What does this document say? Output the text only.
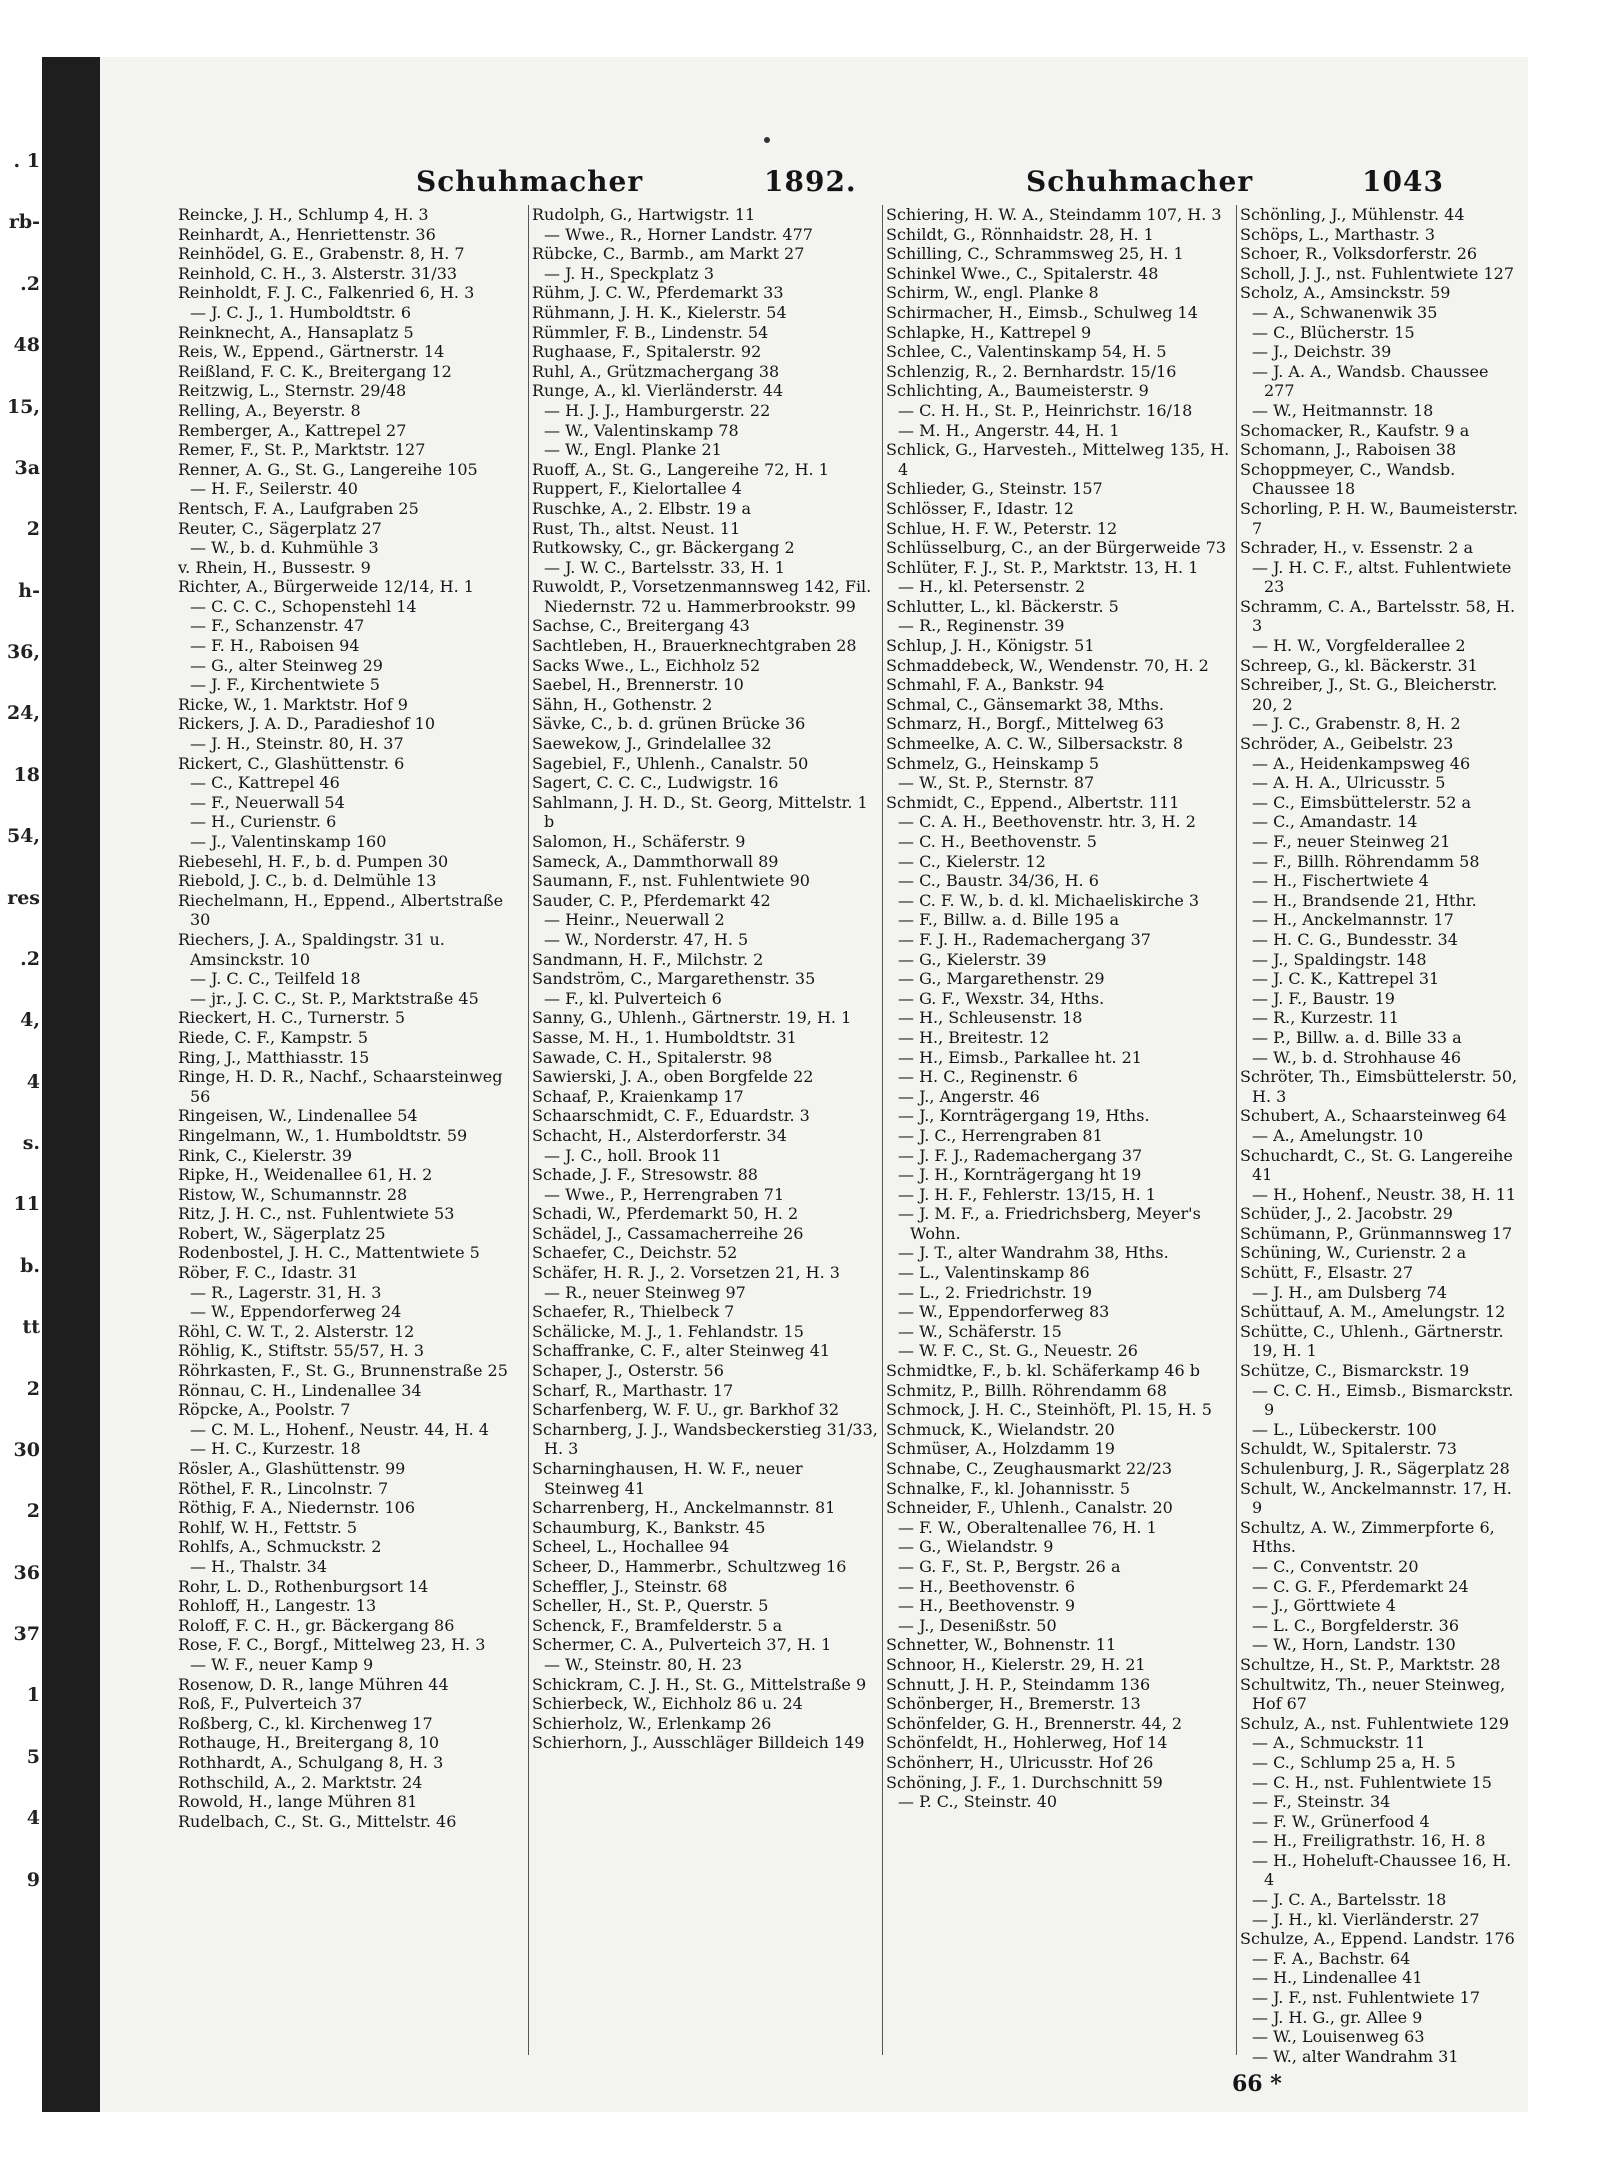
. 1
rb-
.2
48
15,
3a
2
h-
36,
24,
18
54,
res
.2
4,
4
s.
11
b.
tt
2
30
2
36
37
1
5
4
9
Schuhmacher	1892.	Schuhmacher	1043

Reincke, J. H., Schlump 4, H. 3

Reinhardt, A., Henriettenstr. 36

Reinhödel, G. E., Grabenstr. 8, H. 7

Reinhold, C. H., 3. Alsterstr. 31/33

Reinholdt, F. J. C., Falkenried 6, H. 3

— J. C. J., 1. Humboldtstr. 6

Reinknecht, A., Hansaplatz 5

Reis, W., Eppend., Gärtnerstr. 14

Reißland, F. C. K., Breitergang 12

Reitzwig, L., Sternstr. 29/48

Relling, A., Beyerstr. 8

Remberger, A., Kattrepel 27

Remer, F., St. P., Marktstr. 127

Renner, A. G., St. G., Langereihe 105

— H. F., Seilerstr. 40

Rentsch, F. A., Laufgraben 25

Reuter, C., Sägerplatz 27

— W., b. d. Kuhmühle 3

v. Rhein, H., Bussestr. 9

Richter, A., Bürgerweide 12/14, H. 1

— C. C. C., Schopenstehl 14

— F., Schanzenstr. 47

— F. H., Raboisen 94

— G., alter Steinweg 29

— J. F., Kirchentwiete 5

Ricke, W., 1. Marktstr. Hof 9

Rickers, J. A. D., Paradieshof 10

— J. H., Steinstr. 80, H. 37

Rickert, C., Glashüttenstr. 6

— C., Kattrepel 46

— F., Neuerwall 54

— H., Curienstr. 6

— J., Valentinskamp 160

Riebesehl, H. F., b. d. Pumpen 30

Riebold, J. C., b. d. Delmühle 13

Riechelmann, H., Eppend., Albertstraße 30

Riechers, J. A., Spaldingstr. 31 u. Amsinckstr. 10

— J. C. C., Teilfeld 18

— jr., J. C. C., St. P., Marktstraße 45

Rieckert, H. C., Turnerstr. 5

Riede, C. F., Kampstr. 5

Ring, J., Matthiasstr. 15

Ringe, H. D. R., Nachf., Schaarsteinweg 56

Ringeisen, W., Lindenallee 54

Ringelmann, W., 1. Humboldtstr. 59

Rink, C., Kielerstr. 39

Ripke, H., Weidenallee 61, H. 2

Ristow, W., Schumannstr. 28

Ritz, J. H. C., nst. Fuhlentwiete 53

Robert, W., Sägerplatz 25

Rodenbostel, J. H. C., Mattentwiete 5

Röber, F. C., Idastr. 31

— R., Lagerstr. 31, H. 3

— W., Eppendorferweg 24

Röhl, C. W. T., 2. Alsterstr. 12

Röhlig, K., Stiftstr. 55/57, H. 3

Röhrkasten, F., St. G., Brunnenstraße 25

Rönnau, C. H., Lindenallee 34

Röpcke, A., Poolstr. 7

— C. M. L., Hohenf., Neustr. 44, H. 4

— H. C., Kurzestr. 18

Rösler, A., Glashüttenstr. 99

Röthel, F. R., Lincolnstr. 7

Röthig, F. A., Niedernstr. 106

Rohlf, W. H., Fettstr. 5

Rohlfs, A., Schmuckstr. 2

— H., Thalstr. 34

Rohr, L. D., Rothenburgsort 14

Rohloff, H., Langestr. 13

Roloff, F. C. H., gr. Bäckergang 86

Rose, F. C., Borgf., Mittelweg 23, H. 3

— W. F., neuer Kamp 9

Rosenow, D. R., lange Mühren 44

Roß, F., Pulverteich 37

Roßberg, C., kl. Kirchenweg 17

Rothauge, H., Breitergang 8, 10

Rothhardt, A., Schulgang 8, H. 3

Rothschild, A., 2. Marktstr. 24

Rowold, H., lange Mühren 81

Rudelbach, C., St. G., Mittelstr. 46

Rudolph, G., Hartwigstr. 11

— Wwe., R., Horner Landstr. 477

Rübcke, C., Barmb., am Markt 27

— J. H., Speckplatz 3

Rühm, J. C. W., Pferdemarkt 33

Rühmann, J. H. K., Kielerstr. 54

Rümmler, F. B., Lindenstr. 54

Rughaase, F., Spitalerstr. 92

Ruhl, A., Grützmachergang 38

Runge, A., kl. Vierländerstr. 44

— H. J. J., Hamburgerstr. 22

— W., Valentinskamp 78

— W., Engl. Planke 21

Ruoff, A., St. G., Langereihe 72, H. 1

Ruppert, F., Kielortallee 4

Ruschke, A., 2. Elbstr. 19 a

Rust, Th., altst. Neust. 11

Rutkowsky, C., gr. Bäckergang 2

— J. W. C., Bartelsstr. 33, H. 1

Ruwoldt, P., Vorsetzenmannsweg 142, Fil. Niedernstr. 72 u. Hammerbrookstr. 99

Sachse, C., Breitergang 43

Sachtleben, H., Brauerknechtgraben 28

Sacks Wwe., L., Eichholz 52

Saebel, H., Brennerstr. 10

Sähn, H., Gothenstr. 2

Sävke, C., b. d. grünen Brücke 36

Saewekow, J., Grindelallee 32

Sagebiel, F., Uhlenh., Canalstr. 50

Sagert, C. C. C., Ludwigstr. 16

Sahlmann, J. H. D., St. Georg, Mittelstr. 1 b

Salomon, H., Schäferstr. 9

Sameck, A., Dammthorwall 89

Saumann, F., nst. Fuhlentwiete 90

Sauder, C. P., Pferdemarkt 42

— Heinr., Neuerwall 2

— W., Norderstr. 47, H. 5

Sandmann, H. F., Milchstr. 2

Sandström, C., Margarethenstr. 35

— F., kl. Pulverteich 6

Sanny, G., Uhlenh., Gärtnerstr. 19, H. 1

Sasse, M. H., 1. Humboldtstr. 31

Sawade, C. H., Spitalerstr. 98

Sawierski, J. A., oben Borgfelde 22

Schaaf, P., Kraienkamp 17

Schaarschmidt, C. F., Eduardstr. 3

Schacht, H., Alsterdorferstr. 34

— J. C., holl. Brook 11

Schade, J. F., Stresowstr. 88

— Wwe., P., Herrengraben 71

Schadi, W., Pferdemarkt 50, H. 2

Schädel, J., Cassamacherreihe 26

Schaefer, C., Deichstr. 52

Schäfer, H. R. J., 2. Vorsetzen 21, H. 3

— R., neuer Steinweg 97

Schaefer, R., Thielbeck 7

Schälicke, M. J., 1. Fehlandstr. 15

Schaffranke, C. F., alter Steinweg 41

Schaper, J., Osterstr. 56

Scharf, R., Marthastr. 17

Scharfenberg, W. F. U., gr. Barkhof 32

Scharnberg, J. J., Wandsbeckerstieg 31/33, H. 3

Scharninghausen, H. W. F., neuer Steinweg 41

Scharrenberg, H., Anckelmannstr. 81

Schaumburg, K., Bankstr. 45

Scheel, L., Hochallee 94

Scheer, D., Hammerbr., Schultzweg 16

Scheffler, J., Steinstr. 68

Scheller, H., St. P., Querstr. 5

Schenck, F., Bramfelderstr. 5 a

Schermer, C. A., Pulverteich 37, H. 1

— W., Steinstr. 80, H. 23

Schickram, C. J. H., St. G., Mittelstraße 9

Schierbeck, W., Eichholz 86 u. 24

Schierholz, W., Erlenkamp 26

Schierhorn, J., Ausschläger Billdeich 149

Schiering, H. W. A., Steindamm 107, H. 3

Schildt, G., Rönnhaidstr. 28, H. 1

Schilling, C., Schrammsweg 25, H. 1

Schinkel Wwe., C., Spitalerstr. 48

Schirm, W., engl. Planke 8

Schirmacher, H., Eimsb., Schulweg 14

Schlapke, H., Kattrepel 9

Schlee, C., Valentinskamp 54, H. 5

Schlenzig, R., 2. Bernhardstr. 15/16

Schlichting, A., Baumeisterstr. 9

— C. H. H., St. P., Heinrichstr. 16/18

— M. H., Angerstr. 44, H. 1

Schlick, G., Harvesteh., Mittelweg 135, H. 4

Schlieder, G., Steinstr. 157

Schlösser, F., Idastr. 12

Schlue, H. F. W., Peterstr. 12

Schlüsselburg, C., an der Bürgerweide 73

Schlüter, F. J., St. P., Marktstr. 13, H. 1

— H., kl. Petersenstr. 2

Schlutter, L., kl. Bäckerstr. 5

— R., Reginenstr. 39

Schlup, J. H., Königstr. 51

Schmaddebeck, W., Wendenstr. 70, H. 2

Schmahl, F. A., Bankstr. 94

Schmal, C., Gänsemarkt 38, Mths.

Schmarz, H., Borgf., Mittelweg 63

Schmeelke, A. C. W., Silbersackstr. 8

Schmelz, G., Heinskamp 5

— W., St. P., Sternstr. 87

Schmidt, C., Eppend., Albertstr. 111

— C. A. H., Beethovenstr. htr. 3, H. 2

— C. H., Beethovenstr. 5

— C., Kielerstr. 12

— C., Baustr. 34/36, H. 6

— C. F. W., b. d. kl. Michaeliskirche 3

— F., Billw. a. d. Bille 195 a

— F. J. H., Rademachergang 37

— G., Kielerstr. 39

— G., Margarethenstr. 29

— G. F., Wexstr. 34, Hths.

— H., Schleusenstr. 18

— H., Breitestr. 12

— H., Eimsb., Parkallee ht. 21

— H. C., Reginenstr. 6

— J., Angerstr. 46

— J., Kornträgergang 19, Hths.

— J. C., Herrengraben 81

— J. F. J., Rademachergang 37

— J. H., Kornträgergang ht 19

— J. H. F., Fehlerstr. 13/15, H. 1

— J. M. F., a. Friedrichsberg, Meyer's Wohn.

— J. T., alter Wandrahm 38, Hths.

— L., Valentinskamp 86

— L., 2. Friedrichstr. 19

— W., Eppendorferweg 83

— W., Schäferstr. 15

— W. F. C., St. G., Neuestr. 26

Schmidtke, F., b. kl. Schäferkamp 46 b

Schmitz, P., Billh. Röhrendamm 68

Schmock, J. H. C., Steinhöft, Pl. 15, H. 5

Schmuck, K., Wielandstr. 20

Schmüser, A., Holzdamm 19

Schnabe, C., Zeughausmarkt 22/23

Schnalke, F., kl. Johannisstr. 5

Schneider, F., Uhlenh., Canalstr. 20

— F. W., Oberaltenallee 76, H. 1

— G., Wielandstr. 9

— G. F., St. P., Bergstr. 26 a

— H., Beethovenstr. 6

— H., Beethovenstr. 9

— J., Desenißstr. 50

Schnetter, W., Bohnenstr. 11

Schnoor, H., Kielerstr. 29, H. 21

Schnutt, J. H. P., Steindamm 136

Schönberger, H., Bremerstr. 13

Schönfelder, G. H., Brennerstr. 44, 2

Schönfeldt, H., Hohlerweg, Hof 14

Schönherr, H., Ulricusstr. Hof 26

Schöning, J. F., 1. Durchschnitt 59

— P. C., Steinstr. 40

Schönling, J., Mühlenstr. 44

Schöps, L., Marthastr. 3

Schoer, R., Volksdorferstr. 26

Scholl, J. J., nst. Fuhlentwiete 127

Scholz, A., Amsinckstr. 59

— A., Schwanenwik 35

— C., Blücherstr. 15

— J., Deichstr. 39

— J. A. A., Wandsb. Chaussee 277

— W., Heitmannstr. 18

Schomacker, R., Kaufstr. 9 a

Schomann, J., Raboisen 38

Schoppmeyer, C., Wandsb. Chaussee 18

Schorling, P. H. W., Baumeisterstr. 7

Schrader, H., v. Essenstr. 2 a

— J. H. C. F., altst. Fuhlentwiete 23

Schramm, C. A., Bartelsstr. 58, H. 3

— H. W., Vorgfelderallee 2

Schreep, G., kl. Bäckerstr. 31

Schreiber, J., St. G., Bleicherstr. 20, 2

— J. C., Grabenstr. 8, H. 2

Schröder, A., Geibelstr. 23

— A., Heidenkampsweg 46

— A. H. A., Ulricusstr. 5

— C., Eimsbüttelerstr. 52 a

— C., Amandastr. 14

— F., neuer Steinweg 21

— F., Billh. Röhrendamm 58

— H., Fischertwiete 4

— H., Brandsende 21, Hthr.

— H., Anckelmannstr. 17

— H. C. G., Bundesstr. 34

— J., Spaldingstr. 148

— J. C. K., Kattrepel 31

— J. F., Baustr. 19

— R., Kurzestr. 11

— P., Billw. a. d. Bille 33 a

— W., b. d. Strohhause 46

Schröter, Th., Eimsbüttelerstr. 50, H. 3

Schubert, A., Schaarsteinweg 64

— A., Amelungstr. 10

Schuchardt, C., St. G. Langereihe 41

— H., Hohenf., Neustr. 38, H. 11

Schüder, J., 2. Jacobstr. 29

Schümann, P., Grünmannsweg 17

Schüning, W., Curienstr. 2 a

Schütt, F., Elsastr. 27

— J. H., am Dulsberg 74

Schüttauf, A. M., Amelungstr. 12

Schütte, C., Uhlenh., Gärtnerstr. 19, H. 1

Schütze, C., Bismarckstr. 19

— C. C. H., Eimsb., Bismarckstr. 9

— L., Lübeckerstr. 100

Schuldt, W., Spitalerstr. 73

Schulenburg, J. R., Sägerplatz 28

Schult, W., Anckelmannstr. 17, H. 9

Schultz, A. W., Zimmerpforte 6, Hths.

— C., Conventstr. 20

— C. G. F., Pferdemarkt 24

— J., Görttwiete 4

— L. C., Borgfelderstr. 36

— W., Horn, Landstr. 130

Schultze, H., St. P., Marktstr. 28

Schultwitz, Th., neuer Steinweg, Hof 67

Schulz, A., nst. Fuhlentwiete 129

— A., Schmuckstr. 11

— C., Schlump 25 a, H. 5

— C. H., nst. Fuhlentwiete 15

— F., Steinstr. 34

— F. W., Grünerfood 4

— H., Freiligrathstr. 16, H. 8

— H., Hoheluft-Chaussee 16, H. 4

— J. C. A., Bartelsstr. 18

— J. H., kl. Vierländerstr. 27

Schulze, A., Eppend. Landstr. 176

— F. A., Bachstr. 64

— H., Lindenallee 41

— J. F., nst. Fuhlentwiete 17

— J. H. G., gr. Allee 9

— W., Louisenweg 63

— W., alter Wandrahm 31

66 *
